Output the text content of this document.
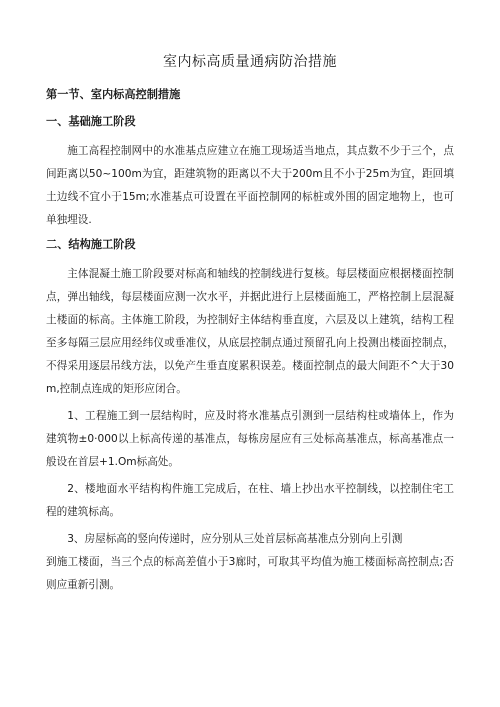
室内标高质量通病防治措施
第一节、室内标高控制措施
一、基础施工阶段

施工高程控制网中的水准基点应建立在施工现场适当地点，其点数不少于三个，点间距离以50~100m为宜，距建筑物的距离以不大于200m且不小于25m为宜，距回填土边线不宜小于15m;水准基点可设置在平面控制网的标桩或外围的固定地物上，也可单独埋设.

二、结构施工阶段

主体混凝土施工阶段要对标高和轴线的控制线进行复核。每层楼面应根据楼面控制点，弹出轴线，每层楼面应测一次水平，并据此进行上层楼面施工，严格控制上层混凝土楼面的标高。主体施工阶段，为控制好主体结构垂直度，六层及以上建筑，结构工程至多每隔三层应用经纬仪或垂准仪，从底层控制点通过预留孔向上投测出楼面控制点，不得采用逐层吊线方法，以免产生垂直度累积误差。楼面控制点的最大间距不^大于30m,控制点连成的矩形应闭合。

1、工程施工到一层结构时，应及时将水准基点引测到一层结构柱或墙体上，作为建筑物±0·000以上标高传递的基准点，每栋房屋应有三处标高基准点，标高基准点一般设在首层+1.Om标高处。

2、楼地面水平结构构件施工完成后，在柱、墙上抄出水平控制线，以控制住宅工程的建筑标高。

3、房屋标高的竖向传递时，应分别从三处首层标高基准点分别向上引测

到施工楼面，当三个点的标高差值小于3廊时，可取其平均值为施工楼面标高控制点;否则应重新引测。
